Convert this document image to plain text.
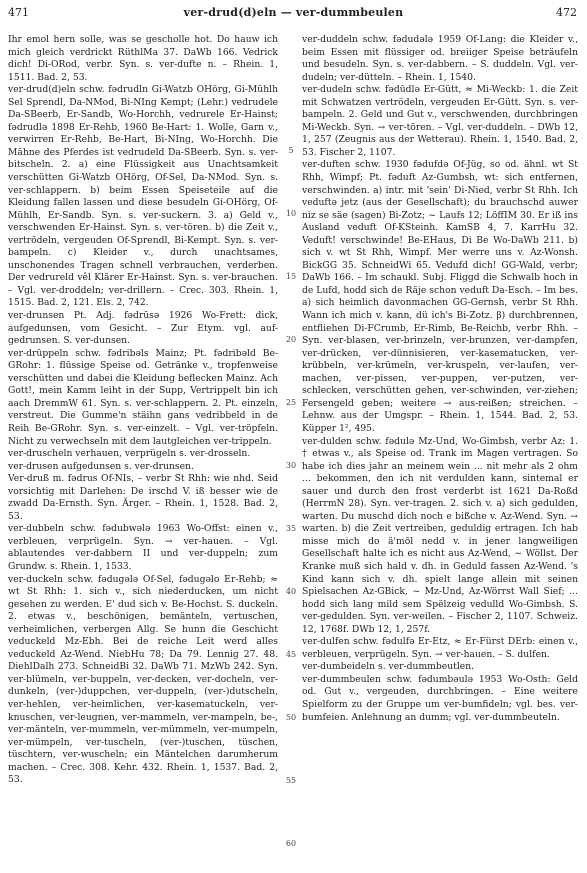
471	ver-drud(d)eln — ver-dummbeulen	472

Ihr emol hern solle, was se gescholle hot. Do hauw ich mich gleich verdrickt RüthlMa 37. DaWb 166. Vedrick dich! Di-ORod, verbr. Syn. s. ver-dufte n. – Rhein. 1, 1511. Bad. 2, 53.

ver-drud(d)eln schw. fədrudln Gi-Watzb OHörg, Gi-Mühlh Sel Sprendl, Da-NMod, Bi-NIng Kempt; (Lehr.) vedrudele Da-SBeerb, Er-Sandb, Wo-Horchh, vedrurele Er-Hainst; fədrudlə 1898 Er-Rehb, 1960 Be-Hart: 1. Wolle, Garn v., verwirren Er-Rehb, Be-Hart, Bi-NIng, Wo-Horchh. Die Mähne des Pferdes ist vedrudeld Da-SBeerb. Syn. s. ver-bitscheln. 2. a) eine Flüssigkeit aus Unachtsamkeit verschütten Gi-Watzb OHörg, Of-Sel, Da-NMod. Syn. s. ver-schlappern. b) beim Essen Speiseteile auf die Kleidung fallen lassen und diese besudeln Gi-OHörg, Of-Mühlh, Er-Sandb. Syn. s. ver-suckern. 3. a) Geld v., verschwenden Er-Hainst. Syn. s. ver-tören. b) die Zeit v., vertrödeln, vergeuden Of-Sprendl, Bi-Kempt. Syn. s. ver-bampeln. c) Kleider v., durch unachtsames, unschonendes Tragen schnell verbrauchen, verderben. Der vedrureld vêl Klärer Er-Hainst. Syn. s. ver-brauchen. – Vgl. ver-droddeln; ver-drillern. – Crec. 303. Rhein. 1, 1515. Bad. 2, 121. Els. 2, 742.

ver-drunsen Pt. Adj. fədrūsə 1926 Wo-Frett: dick, aufgedunsen, vom Gesicht. – Zur Etym. vgl. auf-gedrunsen. S. ver-dunsen.

ver-drüppeln schw. fədribəls Mainz; Pt. fədribəld Be-GRohr: 1. flüssige Speise od. Getränke v., tropfenweise verschütten und dabei die Kleidung beflecken Mainz. Ach Gott!, mein Kamm leiht in der Supp, Vertrippelt bin ich aach DremmW 61. Syn. s. ver-schlappern. 2. Pt. einzeln, verstreut. Die Gumme'n stäihn gans vedribbeld in de Reih Be-GRohr. Syn. s. ver-einzelt. – Vgl. ver-tröpfeln. Nicht zu verwechseln mit dem lautgleichen ver-trippeln.

ver-druscheln verhauen, verprügeln s. ver-drosseln.

ver-drusen aufgedunsen s. ver-drunsen.

Ver-druß m. fədrus Of-NIs, – verbr St Rhh: wie nhd. Seid vorsichtig mit Darlehen: De irschd V. iß besser wie de zwadd Da-Ernsth. Syn. Ärger. – Rhein. 1, 1528. Bad. 2, 53.

ver-dubbeln schw. fədubwələ 1963 Wo-Offst: einen v., verbleuen, verprügeln. Syn. → ver-hauen. – Vgl. ablautendes ver-dabbern II und ver-duppeln; zum Grundw. s. Rhein. 1, 1533.

ver-duckeln schw. fədugələ Of-Sel, fədugəlo Er-Rehb; ≈ wt St Rhh: 1. sich v., sich niederducken, um nicht gesehen zu werden. E' dud sich v. Be-Hochst. S. duckeln. 2. etwas v., beschönigen, bemänteln, vertuschen, verheimlichen, verbergen Allg. Se hunn die Geschicht veduckeld Mz-Ebh. Bei de reiche Leit werd alles veduckeld Az-Wend. NiebHu 78; Da 79. Lennig 27. 48. DiehlDalh 273. SchneidBi 32. DaWb 71. MzWb 242. Syn. ver-blümeln, ver-buppeln, ver-decken, ver-docheln, ver-dunkeln, (ver-)duppchen, ver-duppeln, (ver-)dutscheln, ver-hehlen, ver-heimlichen, ver-kasematuckeln, ver-knuschen, ver-leugnen, ver-mammeln, ver-mampeln, be-, ver-mänteln, ver-mummeln, ver-mümmeln, ver-mumpeln, ver-mümpeln, ver-tuscheln, (ver-)tuschen, tüschen, tüschtern, ver-wuscheln; ein Mäntelchen darumherum machen. – Crec. 308. Kehr. 432. Rhein. 1, 1537. Bad. 2, 53.

5
10
15
20
25
30
35
40
45
50
55
60

ver-duddeln schw. fədudələ 1959 Of-Lang: die Kleider v., beim Essen mit flüssiger od. breiiger Speise beträufeln und besudeln. Syn. s. ver-dabbern. – S. duddeln. Vgl. ver-dudeln; ver-dütteln. – Rhein. 1, 1540.

ver-dudeln schw. fədūdlə Er-Gütt, ≈ Mi-Weckb: 1. die Zeit mit Schwatzen vertrödeln, vergeuden Er-Gütt. Syn. s. ver-bampeln. 2. Geld und Gut v., verschwenden, durchbringen Mi-Weckb. Syn. → ver-tören. – Vgl. ver-duddeln. – DWb 12, 1, 257 (Zeugnis aus der Wetterau). Rhein. 1, 1540. Bad. 2, 53. Fischer 2, 1107.

ver-duften schw. 1930 fədufdə Of-Jüg, so od. ähnl. wt St Rhh, Wimpf; Pt. fəduft Az-Gumbsh, wt: sich entfernen, verschwinden. a) intr. mit 'sein' Di-Nied, verbr St Rhh. Ich veduftə jetz (aus der Gesellschaft); du brauchschd auwer niz se säe (sagen) Bi-Zotz; ~ Laufs 12; LöffIM 30. Er iß ins Ausland veduft Of-KSteinh. KamSB 4, 7. KarrHu 32. Veduft! verschwinde! Be-EHaus, Di Be Wo-DaWb 211. b) sich v. wt St Rhh, Wimpf. Mer werre uns v. Az-Wonsh. BickGG 35. SchneidWi 65. Vedufd dich! GG-Wald, verbr; DaWb 166. – Im schaukl. Subj. Fliggd die Schwalb hoch in de Lufd, hodd sich de Räje schon veduft Da-Esch. – Im bes. a) sich heimlich davonmachen GG-Gernsh, verbr St Rhh. Wann ich mich v. kann, dü ich's Bi-Zotz. β) durchbrennen, entfliehen Di-FCrumb, Er-Rimb, Be-Reichb, verbr Rhh. – Syn. ver-blasen, ver-brinzeln, ver-brunzen, ver-dampfen, ver-drücken, ver-dünnisieren, ver-kasematucken, ver-krübbeln, ver-krümeln, ver-kruspeln, ver-laufen, ver-machen, ver-pissen, ver-puppen, ver-putzen, ver-schlecken, verschütten gehen, ver-schwinden, ver-ziehen; Fersengeld geben; weitere → aus-reißen; streichen. – Lehnw. aus der Umgspr. – Rhein. 1, 1544. Bad. 2, 53. Küpper 1², 495.

ver-dulden schw. fədulə Mz-Und, Wo-Gimbsh, verbr Az: 1. † etwas v., als Speise od. Trank im Magen vertragen. So habe ich dies jahr an meinem wein ... nit mehr als 2 ohm ... bekommen, den ich nit verdulden kann, sintemal er sauer und durch den frost verderbt ist 1621 Da-Roßd (HerrmN 28). Syn. ver-tragen. 2. sich v. a) sich gedulden, warten. Du muschd dich noch e bißche v. Az-Wend. Syn. → warten. b) die Zeit vertreiben, geduldig ertragen. Ich hab misse mich do ä'mōl nedd v. in jener langweiligen Gesellschaft halte ich es nicht aus Az-Wend, ~ Wöllst. Der Kranke muß sich hald v. dh. in Geduld fassen Az-Wend. 's Kind kann sich v. dh. spielt lange allein mit seinen Spielsachen Az-GBick, ~ Mz-Und, Az-Wörrst Wall Sief; ... hodd sich lang mild sem Spëlzeig vedulld Wo-Gimbsh. S. ver-gedulden. Syn. ver-weilen. – Fischer 2, 1107. Schweiz. 12, 1768f. DWb 12, 1, 257f.

ver-dulfen schw. fədulfə Er-Etz, ≈ Er-Fürst DErb: einen v., verbleuen, verprügeln. Syn. → ver-hauen. – S. dulfen.

ver-dumbeideln s. ver-dummbeutlen.

ver-dummbeulen schw. fədumbəulə 1953 Wo-Osth: Geld od. Gut v., vergeuden, durchbringen. – Eine weitere Spielform zu der Gruppe um ver-bumfideln; vgl. bes. ver-bumfeien. Anlehnung an dumm; vgl. ver-dummbeuteln.
